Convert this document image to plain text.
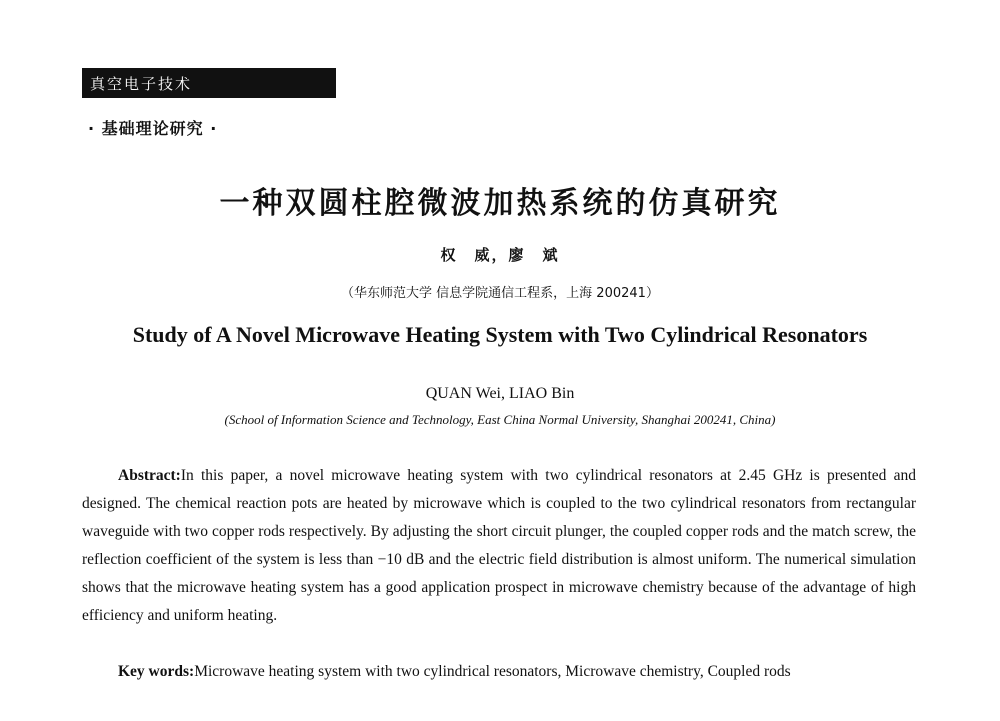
真空电子技术
· 基础理论研究 ·
一种双圆柱腔微波加热系统的仿真研究
权　威，廖　斌
（华东师范大学 信息学院通信工程系，上海 200241）
Study of A Novel Microwave Heating System with Two Cylindrical Resonators
QUAN Wei, LIAO Bin
(School of Information Science and Technology, East China Normal University, Shanghai 200241, China)

Abstract:In this paper, a novel microwave heating system with two cylindrical resonators at 2.45 GHz is presented and designed. The chemical reaction pots are heated by microwave which is coupled to the two cylindrical resonators from rectangular waveguide with two copper rods respectively. By adjusting the short circuit plunger, the coupled copper rods and the match screw, the reflection coefficient of the system is less than −10 dB and the electric field distribution is almost uniform. The numerical simulation shows that the microwave heating system has a good application prospect in microwave chemistry because of the advantage of high efficiency and uniform heating.

Key words:Microwave heating system with two cylindrical resonators, Microwave chemistry, Coupled rods
